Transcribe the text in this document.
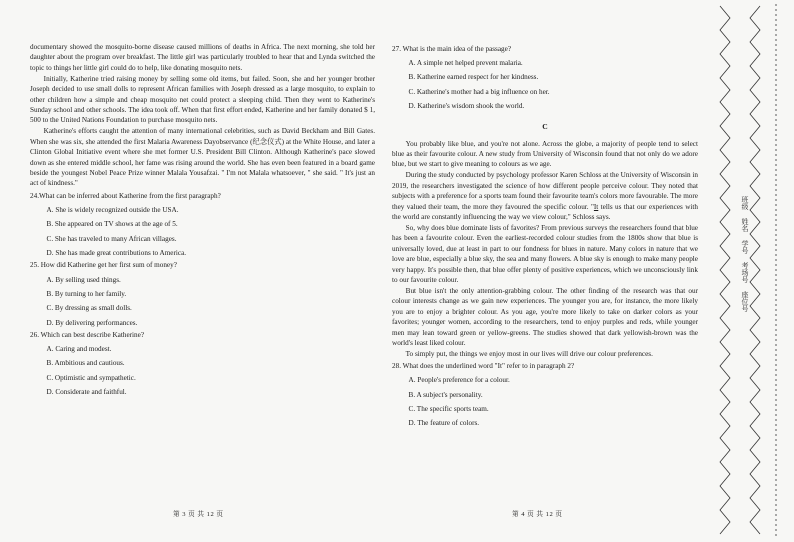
documentary showed the mosquito-borne disease caused millions of deaths in Africa. The next morning, she told her daughter about the program over breakfast. The little girl was particularly troubled to hear that and Lynda switched the topic to things her little girl could do to help, like donating mosquito nets.

Initially, Katherine tried raising money by selling some old items, but failed. Soon, she and her younger brother Joseph decided to use small dolls to represent African families with Joseph dressed as a large mosquito, to explain to other children how a simple and cheap mosquito net could protect a sleeping child. Then they went to Katherine's Sunday school and other schools. The idea took off. When that first effort ended, Katherine and her family donated $ 1, 500 to the United Nations Foundation to purchase mosquito nets.

Katherine's efforts caught the attention of many international celebrities, such as David Beckham and Bill Gates. When she was six, she attended the first Malaria Awareness Dayobservance (纪念仪式) at the White House, and later a Clinton Global Initiative event where she met former U.S. President Bill Clinton. Although Katherine's pace slowed down as she entered middle school, her fame was rising around the world. She has even been featured in a board game beside the youngest Nobel Peace Prize winner Malala Yousafzai. " I'm not Malala whatsoever, " she said. " It's just an act of kindness."

24.What can be inferred about Katherine from the first paragraph?

A. She is widely recognized outside the USA.

B. She appeared on TV shows at the age of 5.

C. She has traveled to many African villages.

D. She has made great contributions to America.

25. How did Katherine get her first sum of money?

A. By selling used things.

B. By turning to her family.

C. By dressing as small dolls.

D. By delivering performances.

26. Which can best describe Katherine?

A. Caring and modest.

B. Ambitious and cautious.

C. Optimistic and sympathetic.

D. Considerate and faithful.

27. What is the main idea of the passage?

A. A simple net helped prevent malaria.

B. Katherine earned respect for her kindness.

C. Katherine's mother had a big influence on her.

D. Katherine's wisdom shook the world.

C

You probably like blue, and you're not alone. Across the globe, a majority of people tend to select blue as their favourite colour. A new study from University of Wisconsin found that not only do we adore blue, but we start to give meaning to colours as we age.

During the study conducted by psychology professor Karen Schloss at the University of Wisconsin in 2019, the researchers investigated the science of how different people perceive colour. They noted that subjects with a preference for a sports team found their favourite team's colors more favourable. The more they valued their team, the more they favoured the specific colour. "It tells us that our experiences with the world are constantly influencing the way we view colour," Schloss says.

So, why does blue dominate lists of favorites? From previous surveys the researchers found that blue has been a favourite colour. Even the earliest-recorded colour studies from the 1800s show that blue is universally loved, due at least in part to our fondness for blues in nature. Many colors in nature that we love are blue, especially a blue sky, the sea and many flowers. A blue sky is enough to make many people very happy. It's possible then, that blue offer plenty of positive experiences, which we unconsciously link to our favourite colour.

But blue isn't the only attention-grabbing colour. The other finding of the research was that our colour interests change as we gain new experiences. The younger you are, for instance, the more likely you are to enjoy a brighter colour. As you age, you're more likely to take on darker colors as your favorites; younger women, according to the researchers, tend to enjoy purples and reds, while younger men may lean toward green or yellow-greens. The studies showed that dark yellowish-brown was the world's least liked colour.

To simply put, the things we enjoy most in our lives will drive our colour preferences.

28. What does the underlined word "It" refer to in paragraph 2?

A. People's preference for a colour.

B. A subject's personality.

C. The specific sports team.

D. The feature of colors.

第 3 页 共 12 页	第 4 页 共 12 页
班级 姓名 学号 考场号 座位号
